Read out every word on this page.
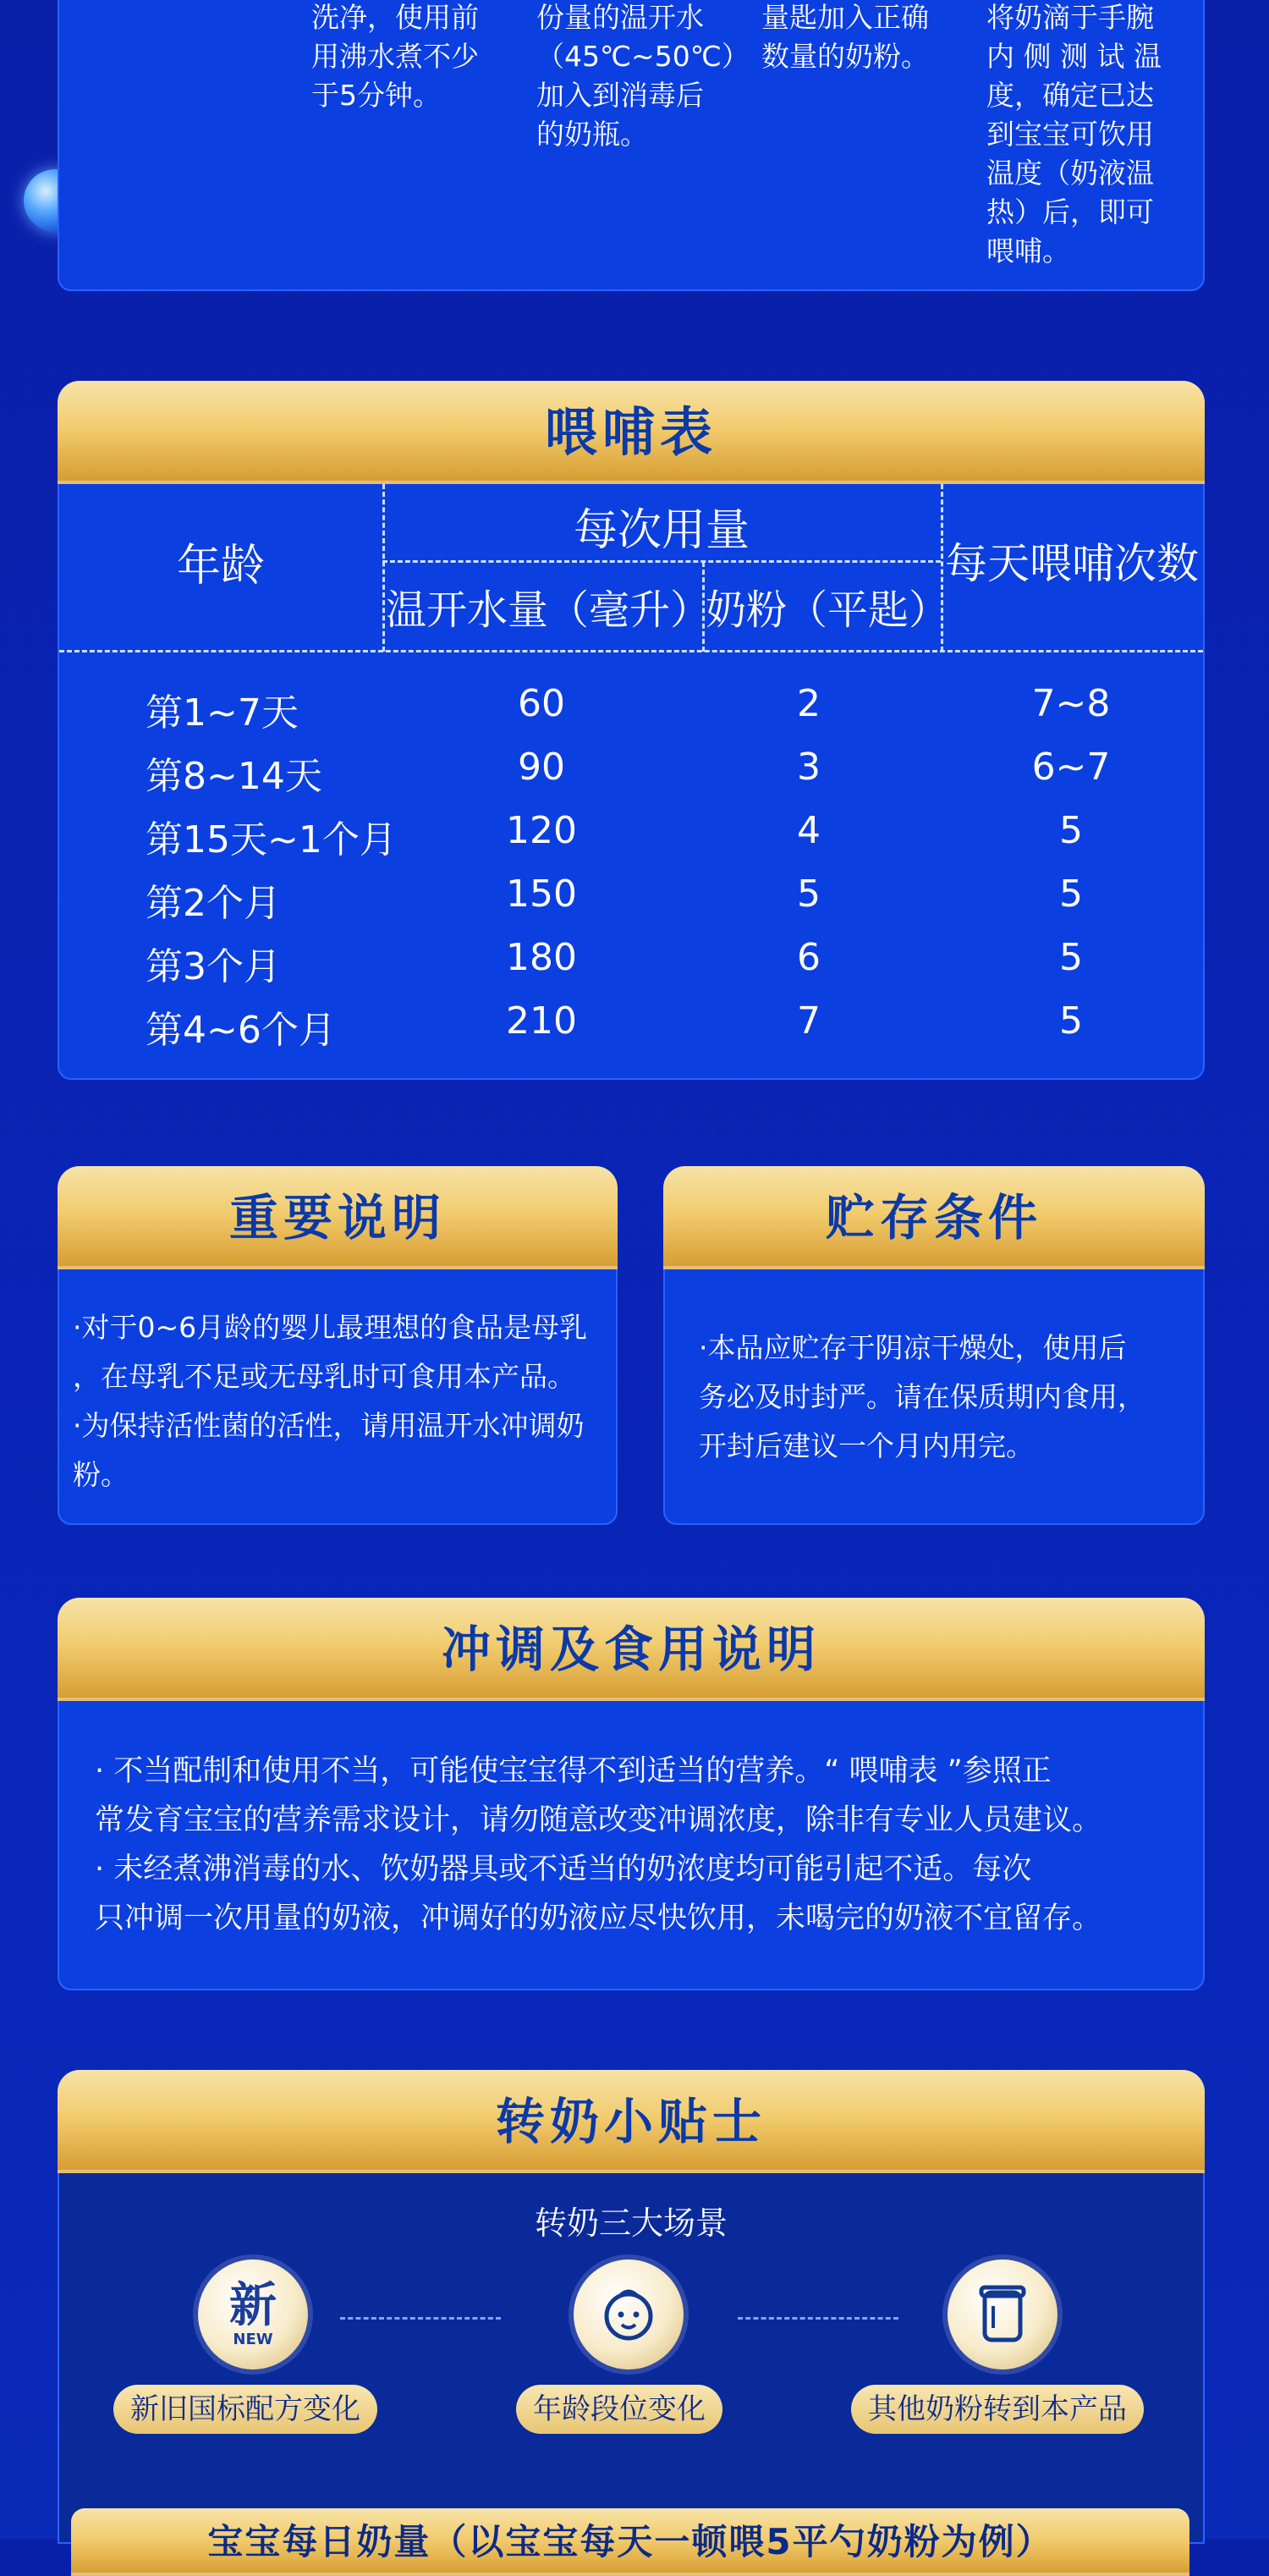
洗净，使用前
用沸水煮不少
于5分钟。
份量的温开水
（45℃~50℃）
加入到消毒后
的奶瓶。
量匙加入正确
数量的奶粉。
将奶滴于手腕
内 侧 测 试 温
度，确定已达
到宝宝可饮用
温度（奶液温
热）后，即可
喂哺。
喂哺表
年龄
每次用量
温开水量（毫升）
奶粉（平匙）
每天喂哺次数
第1~7天	60	2	7~8
第8~14天	90	3	6~7
第15天~1个月	120	4	5
第2个月	150	5	5
第3个月	180	6	5
第4~6个月	210	7	5
重要说明
·对于0~6月龄的婴儿最理想的食品是母乳
，在母乳不足或无母乳时可食用本产品。
·为保持活性菌的活性，请用温开水冲调奶
粉。
贮存条件
·本品应贮存于阴凉干燥处，使用后
务必及时封严。请在保质期内食用，
开封后建议一个月内用完。
冲调及食用说明
· 不当配制和使用不当，可能使宝宝得不到适当的营养。“ 喂哺表 ”参照正
常发育宝宝的营养需求设计，请勿随意改变冲调浓度，除非有专业人员建议。
· 未经煮沸消毒的水、饮奶器具或不适当的奶浓度均可能引起不适。每次
只冲调一次用量的奶液，冲调好的奶液应尽快饮用，未喝完的奶液不宜留存。
转奶小贴士
转奶三大场景
新
NEW
新旧国标配方变化	年龄段位变化	其他奶粉转到本产品
宝宝每日奶量（以宝宝每天一顿喂5平勺奶粉为例）
